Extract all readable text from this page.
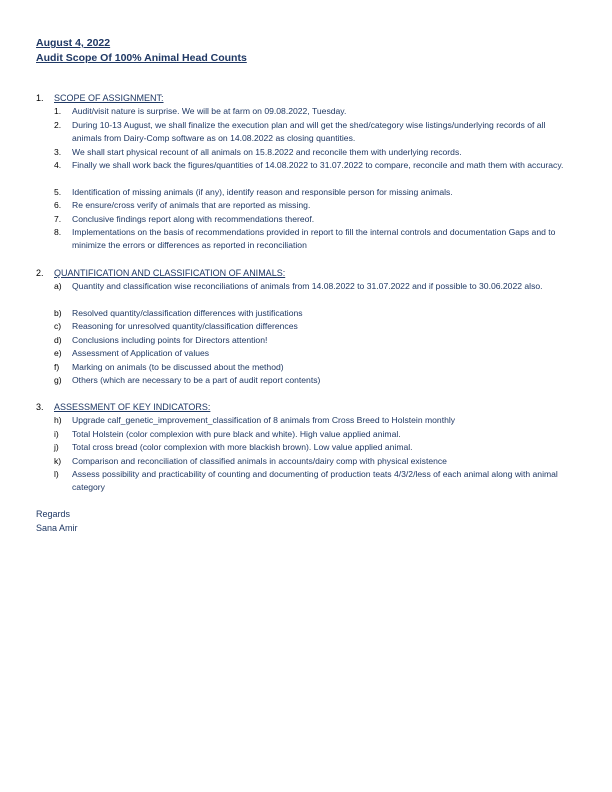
August 4, 2022
Audit Scope Of 100% Animal Head Counts
1. SCOPE OF ASSIGNMENT:
1.	Audit/visit nature is surprise. We will be at farm on 09.08.2022, Tuesday.
2.	During 10-13 August, we shall finalize the execution plan and will get the shed/category wise listings/underlying records of all animals from Dairy-Comp software as on 14.08.2022 as closing quantities.
3.	We shall start physical recount of all animals on 15.8.2022 and reconcile them with underlying records.
4.	Finally we shall work back the figures/quantities of 14.08.2022 to 31.07.2022 to compare, reconcile and math them with accuracy.
5.	Identification of missing animals (if any), identify reason and responsible person for missing animals.
6.	Re ensure/cross verify of animals that are reported as missing.
7.	Conclusive findings report along with recommendations thereof.
8.	Implementations on the basis of recommendations provided in report to fill the internal controls and documentation Gaps and to minimize the errors or differences as reported in reconciliation
2. QUANTIFICATION AND CLASSIFICATION OF ANIMALS:
a)	Quantity and classification wise reconciliations of animals from 14.08.2022 to 31.07.2022 and if possible to 30.06.2022 also.
b)	Resolved quantity/classification differences with justifications
c)	Reasoning for unresolved quantity/classification differences
d)	Conclusions including points for Directors attention!
e)	Assessment of Application of values
f)	Marking on animals (to be discussed about the method)
g)	Others (which are necessary to be a part of audit report contents)
3. ASSESSMENT OF KEY INDICATORS:
h)	Upgrade calf_genetic_improvement_classification of 8 animals from Cross Breed to Holstein monthly
i)	Total Holstein (color complexion with pure black and white). High value applied animal.
j)	Total cross bread (color complexion with more blackish brown). Low value applied animal.
k)	Comparison and reconciliation of classified animals in accounts/dairy comp with physical existence
l)	Assess possibility and practicability of counting and documenting of production teats 4/3/2/less of each animal along with animal category
Regards
Sana Amir
